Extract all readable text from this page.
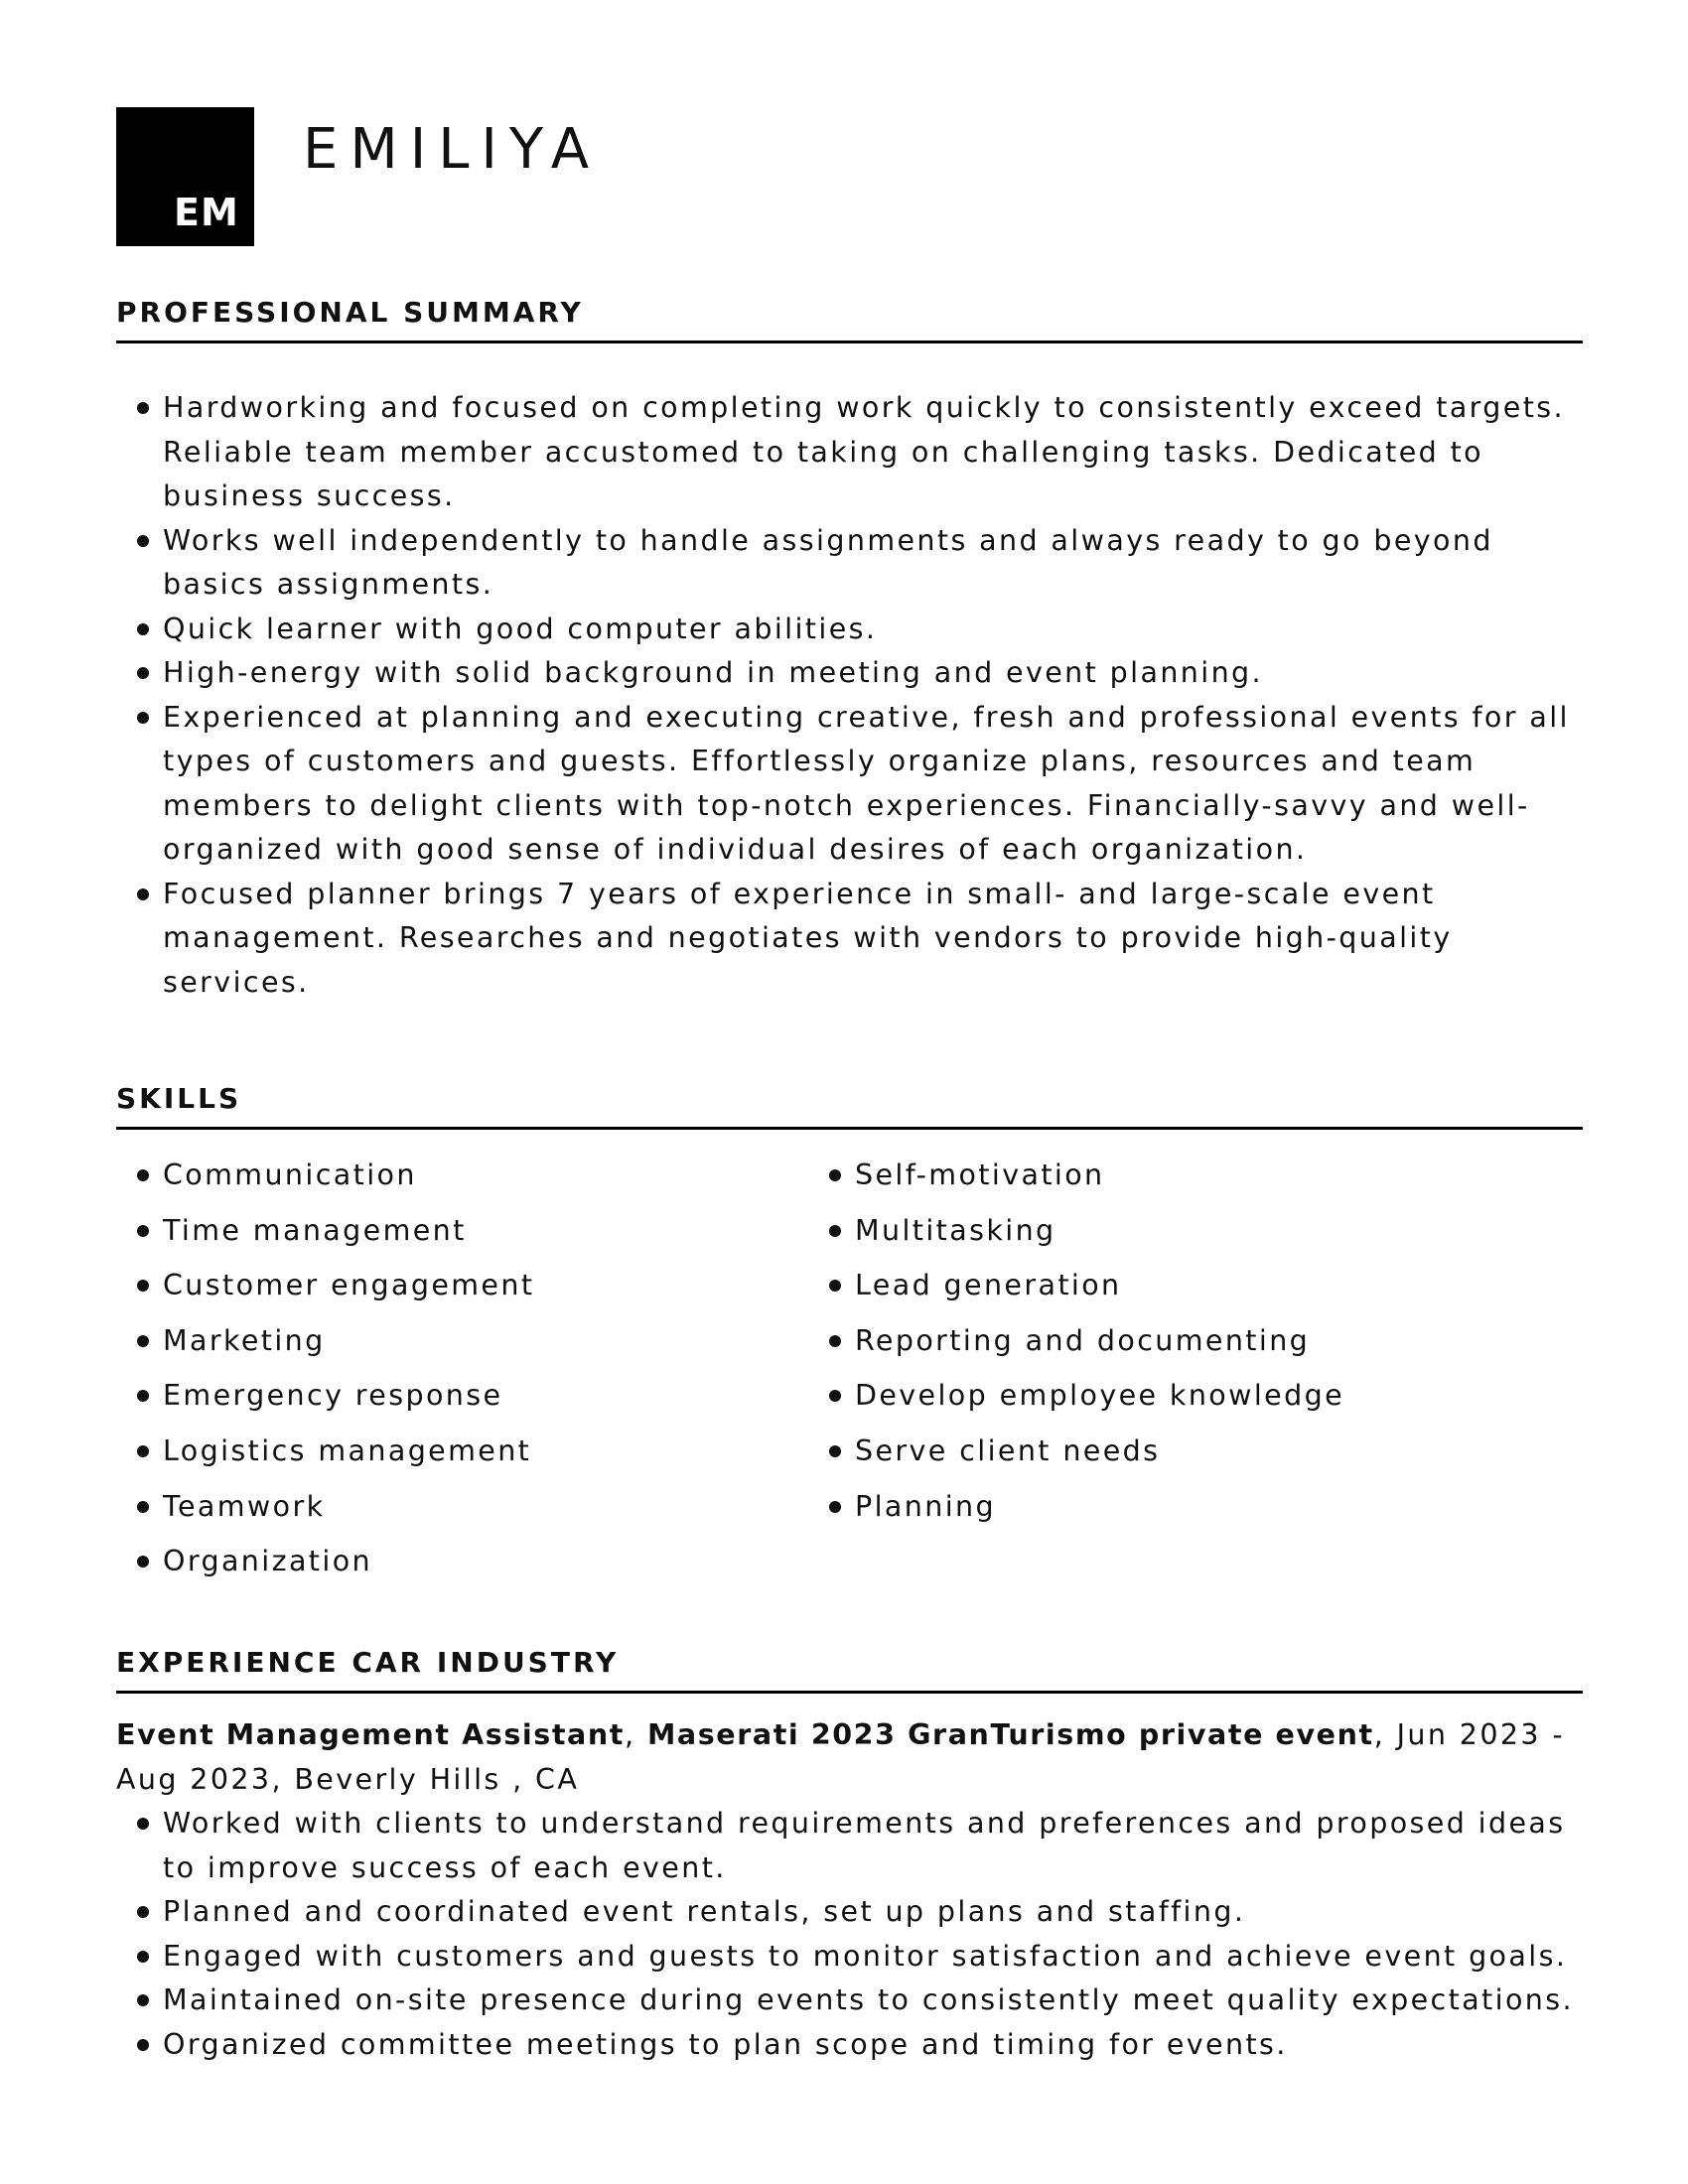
EM
EMILIYA
PROFESSIONAL SUMMARY
Hardworking and focused on completing work quickly to consistently exceed targets. Reliable team member accustomed to taking on challenging tasks. Dedicated to business success.
Works well independently to handle assignments and always ready to go beyond basics assignments.
Quick learner with good computer abilities.
High-energy with solid background in meeting and event planning.
Experienced at planning and executing creative, fresh and professional events for all types of customers and guests. Effortlessly organize plans, resources and team members to delight clients with top-notch experiences. Financially-savvy and well-organized with good sense of individual desires of each organization.
Focused planner brings 7 years of experience in small- and large-scale event management. Researches and negotiates with vendors to provide high-quality services.
SKILLS
Communication
Time management
Customer engagement
Marketing
Emergency response
Logistics management
Teamwork
Organization
Self-motivation
Multitasking
Lead generation
Reporting and documenting
Develop employee knowledge
Serve client needs
Planning
EXPERIENCE CAR INDUSTRY
Event Management Assistant, Maserati 2023 GranTurismo private event, Jun 2023 - Aug 2023, Beverly Hills , CA
Worked with clients to understand requirements and preferences and proposed ideas to improve success of each event.
Planned and coordinated event rentals, set up plans and staffing.
Engaged with customers and guests to monitor satisfaction and achieve event goals.
Maintained on-site presence during events to consistently meet quality expectations.
Organized committee meetings to plan scope and timing for events.
